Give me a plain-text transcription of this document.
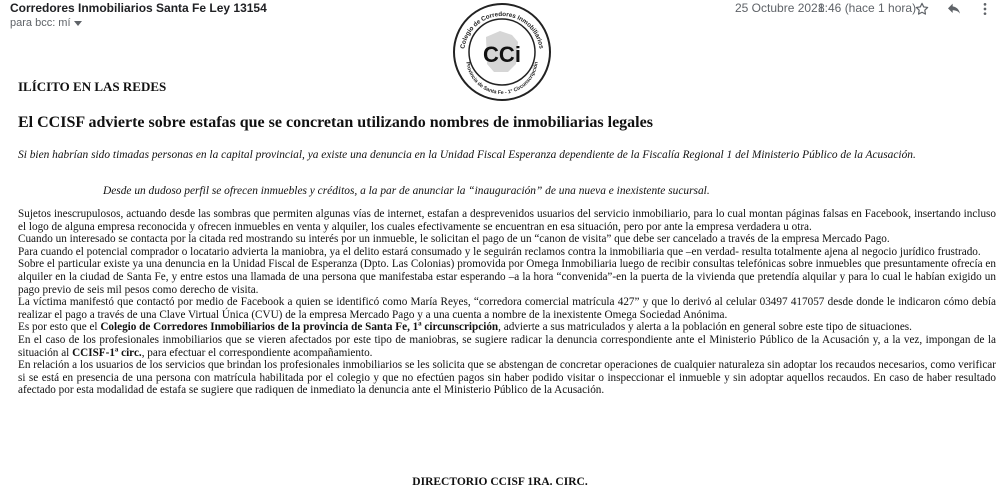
Corredores Inmobiliarios Santa Fe Ley 13154
para bcc: mí
25 Octubre 2021
8:46 (hace 1 hora)
Colegio de Corredores Inmobiliarios
Provincia de Santa Fe - 1° Circunscripción
CCi
ILÍCITO EN LAS REDES
El CCISF advierte sobre estafas que se concretan utilizando nombres de inmobiliarias legales
Si bien habrían sido timadas personas en la capital provincial, ya existe una denuncia en la Unidad Fiscal Esperanza dependiente de la Fiscalía Regional 1 del Ministerio Público de la Acusación.
Desde un dudoso perfil se ofrecen inmuebles y créditos, a la par de anunciar la “inauguración” de una nueva e inexistente sucursal.

Sujetos inescrupulosos, actuando desde las sombras que permiten algunas vías de internet, estafan a desprevenidos usuarios del servicio inmobiliario, para lo cual montan páginas falsas en Facebook, insertando incluso el logo de alguna empresa reconocida y ofrecen inmuebles en venta y alquiler, los cuales efectivamente se encuentran en esa situación, pero por ante la empresa verdadera u otra.

Cuando un interesado se contacta por la citada red mostrando su interés por un inmueble, le solicitan el pago de un “canon de visita” que debe ser cancelado a través de la empresa Mercado Pago.

Para cuando el potencial comprador o locatario advierta la maniobra, ya el delito estará consumado y le seguirán reclamos contra la inmobiliaria que –en verdad- resulta totalmente ajena al negocio jurídico frustrado.

Sobre el particular existe ya una denuncia en la Unidad Fiscal de Esperanza (Dpto. Las Colonias) promovida por Omega Inmobiliaria luego de recibir consultas telefónicas sobre inmuebles que presuntamente ofrecía en alquiler en la ciudad de Santa Fe, y entre estos una llamada de una persona que manifestaba estar esperando –a la hora “convenida”-en la puerta de la vivienda que pretendía alquilar y para lo cual le habían exigido un pago previo de seis mil pesos como derecho de visita.

La víctima manifestó que contactó por medio de Facebook a quien se identificó como María Reyes, “corredora comercial matrícula 427” y que lo derivó al celular 03497 417057 desde donde le indicaron cómo debía realizar el pago a través de una Clave Virtual Única (CVU) de la empresa Mercado Pago y a una cuenta a nombre de la inexistente Omega Sociedad Anónima.

Es por esto que el Colegio de Corredores Inmobiliarios de la provincia de Santa Fe, 1ª circunscripción, advierte a sus matriculados y alerta a la población en general sobre este tipo de situaciones.

En el caso de los profesionales inmobiliarios que se vieren afectados por este tipo de maniobras, se sugiere radicar la denuncia correspondiente ante el Ministerio Público de la Acusación y, a la vez, impongan de la situación al CCISF-1ª circ., para efectuar el correspondiente acompañamiento.

En relación a los usuarios de los servicios que brindan los profesionales inmobiliarios se les solicita que se abstengan de concretar operaciones de cualquier naturaleza sin adoptar los recaudos necesarios, como verificar si se está en presencia de una persona con matrícula habilitada por el colegio y que no efectúen pagos sin haber podido visitar o inspeccionar el inmueble y sin adoptar aquellos recaudos. En caso de haber resultado afectado por esta modalidad de estafa se sugiere que radiquen de inmediato la denuncia ante el Ministerio Público de la Acusación.

DIRECTORIO CCISF 1RA. CIRC.
